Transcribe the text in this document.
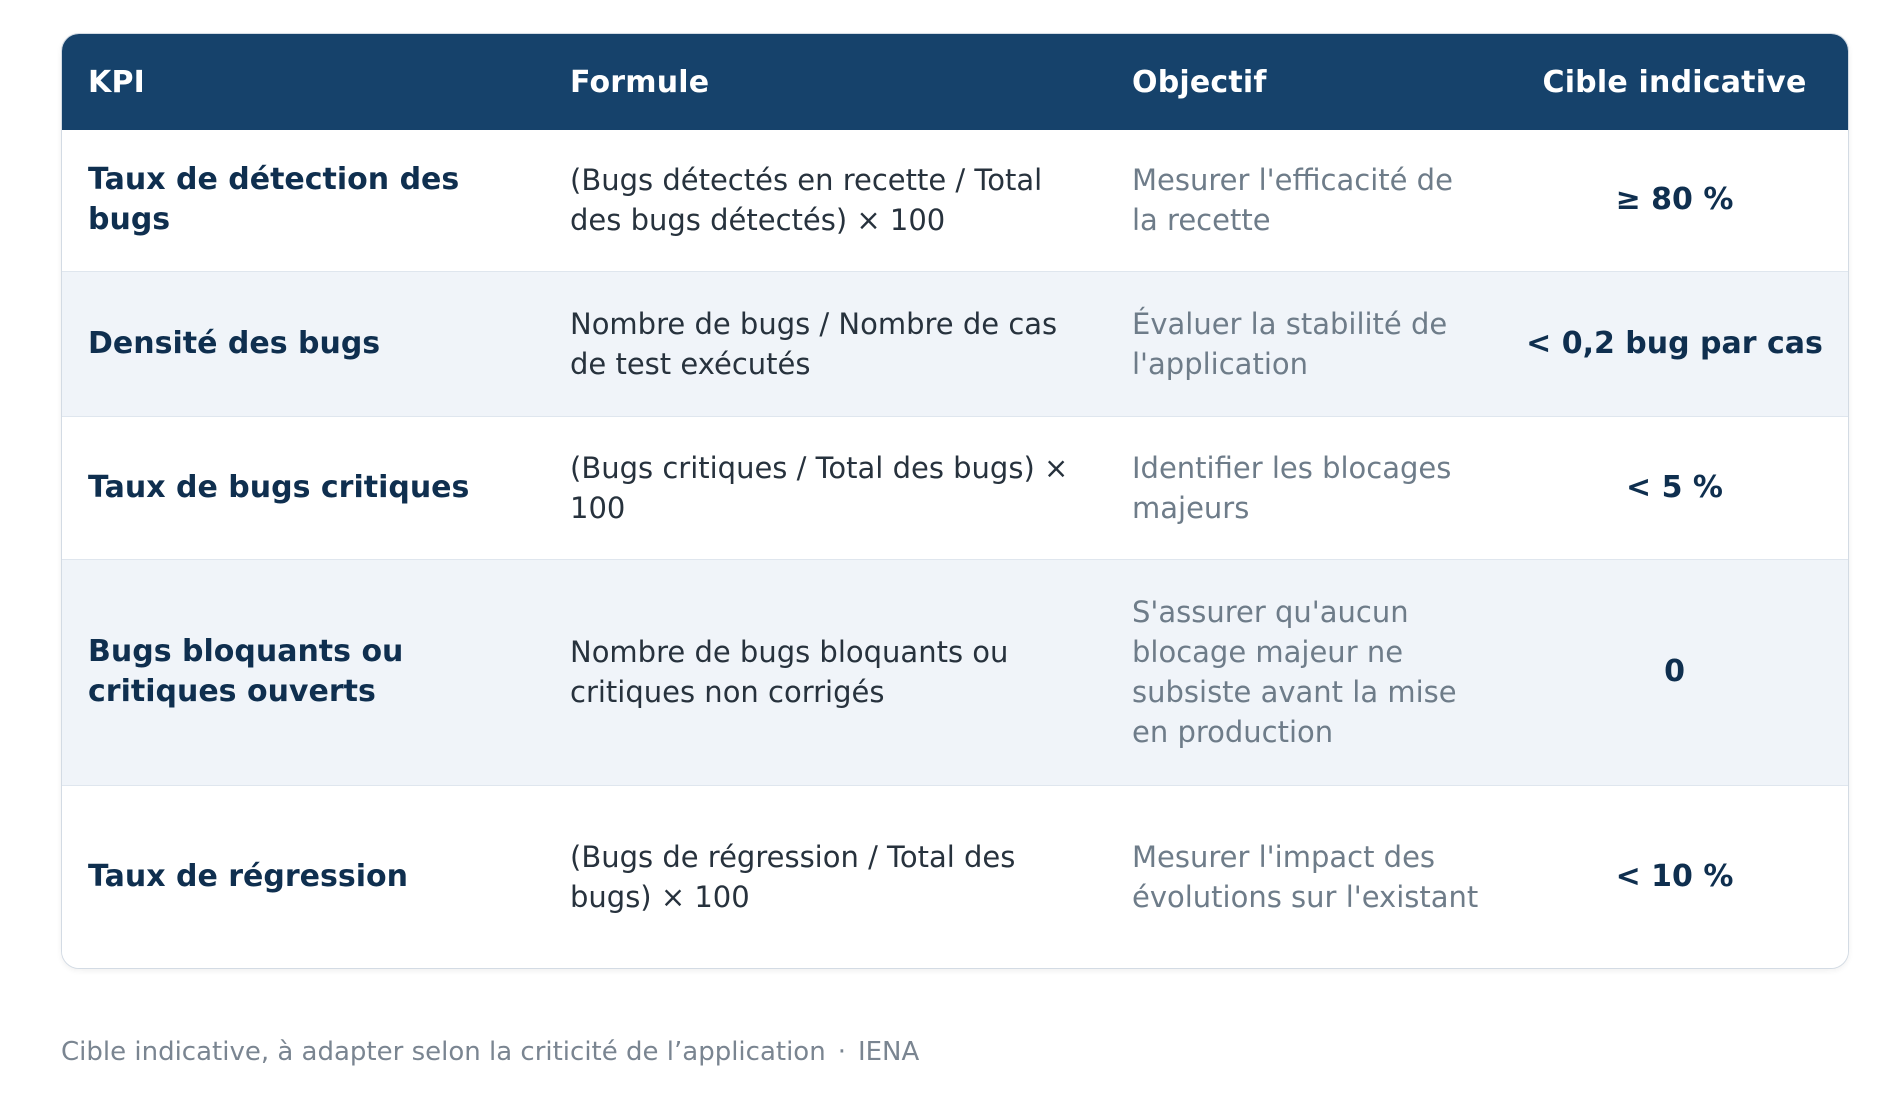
KPI	Formule	Objectif	Cible indicative
Taux de détection des bugs	(Bugs détectés en recette / Total des bugs détectés) × 100	Mesurer l'efficacité de la recette	≥ 80 %
Densité des bugs	Nombre de bugs / Nombre de cas de test exécutés	Évaluer la stabilité de l'application	< 0,2 bug par cas
Taux de bugs critiques	(Bugs critiques / Total des bugs) × 100	Identifier les blocages majeurs	< 5 %
Bugs bloquants ou critiques ouverts	Nombre de bugs bloquants ou critiques non corrigés	S'assurer qu'aucun blocage majeur ne subsiste avant la mise en production	0
Taux de régression	(Bugs de régression / Total des bugs) × 100	Mesurer l'impact des évolutions sur l'existant	< 10 %
Cible indicative, à adapter selon la criticité de l’application · IENA
